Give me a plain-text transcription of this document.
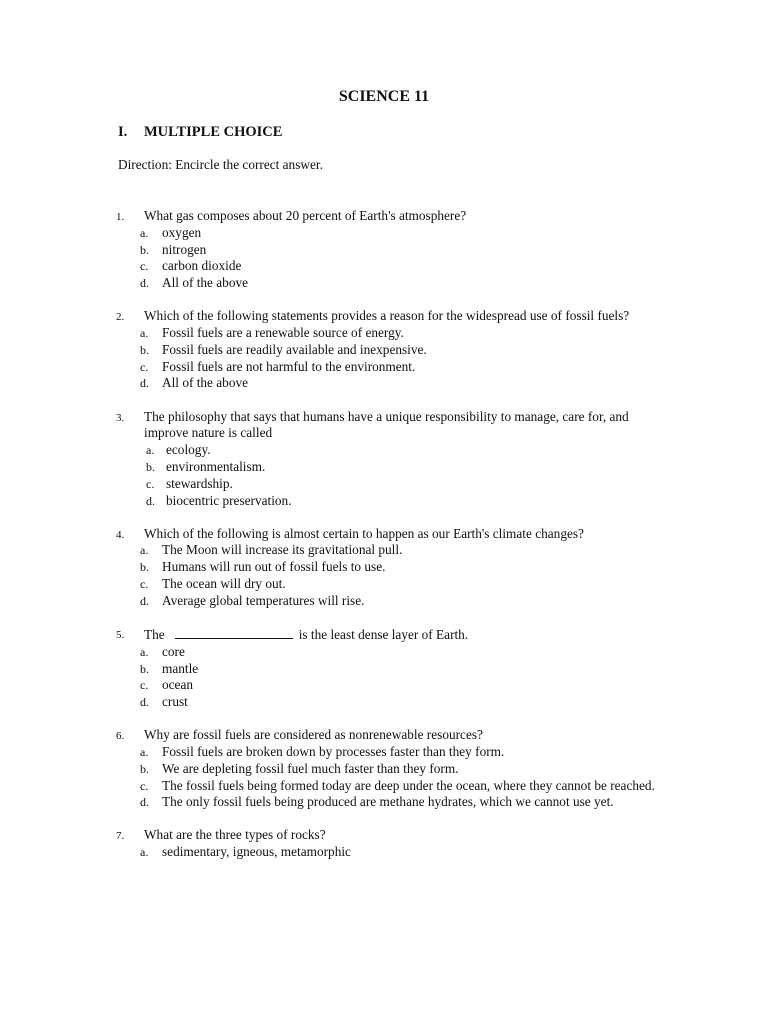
SCIENCE 11
I. MULTIPLE CHOICE
Direction: Encircle the correct answer.
1. What gas composes about 20 percent of Earth's atmosphere?
a. oxygen
b. nitrogen
c. carbon dioxide
d. All of the above
2. Which of the following statements provides a reason for the widespread use of fossil fuels?
a. Fossil fuels are a renewable source of energy.
b. Fossil fuels are readily available and inexpensive.
c. Fossil fuels are not harmful to the environment.
d. All of the above
3. The philosophy that says that humans have a unique responsibility to manage, care for, and improve nature is called
a. ecology.
b. environmentalism.
c. stewardship.
d. biocentric preservation.
4. Which of the following is almost certain to happen as our Earth's climate changes?
a. The Moon will increase its gravitational pull.
b. Humans will run out of fossil fuels to use.
c. The ocean will dry out.
d. Average global temperatures will rise.
5. The	is the least dense layer of Earth.
a. core
b. mantle
c. ocean
d. crust
6. Why are fossil fuels are considered as nonrenewable resources?
a. Fossil fuels are broken down by processes faster than they form.
b. We are depleting fossil fuel much faster than they form.
c. The fossil fuels being formed today are deep under the ocean, where they cannot be reached.
d. The only fossil fuels being produced are methane hydrates, which we cannot use yet.
7. What are the three types of rocks?
a. sedimentary, igneous, metamorphic
